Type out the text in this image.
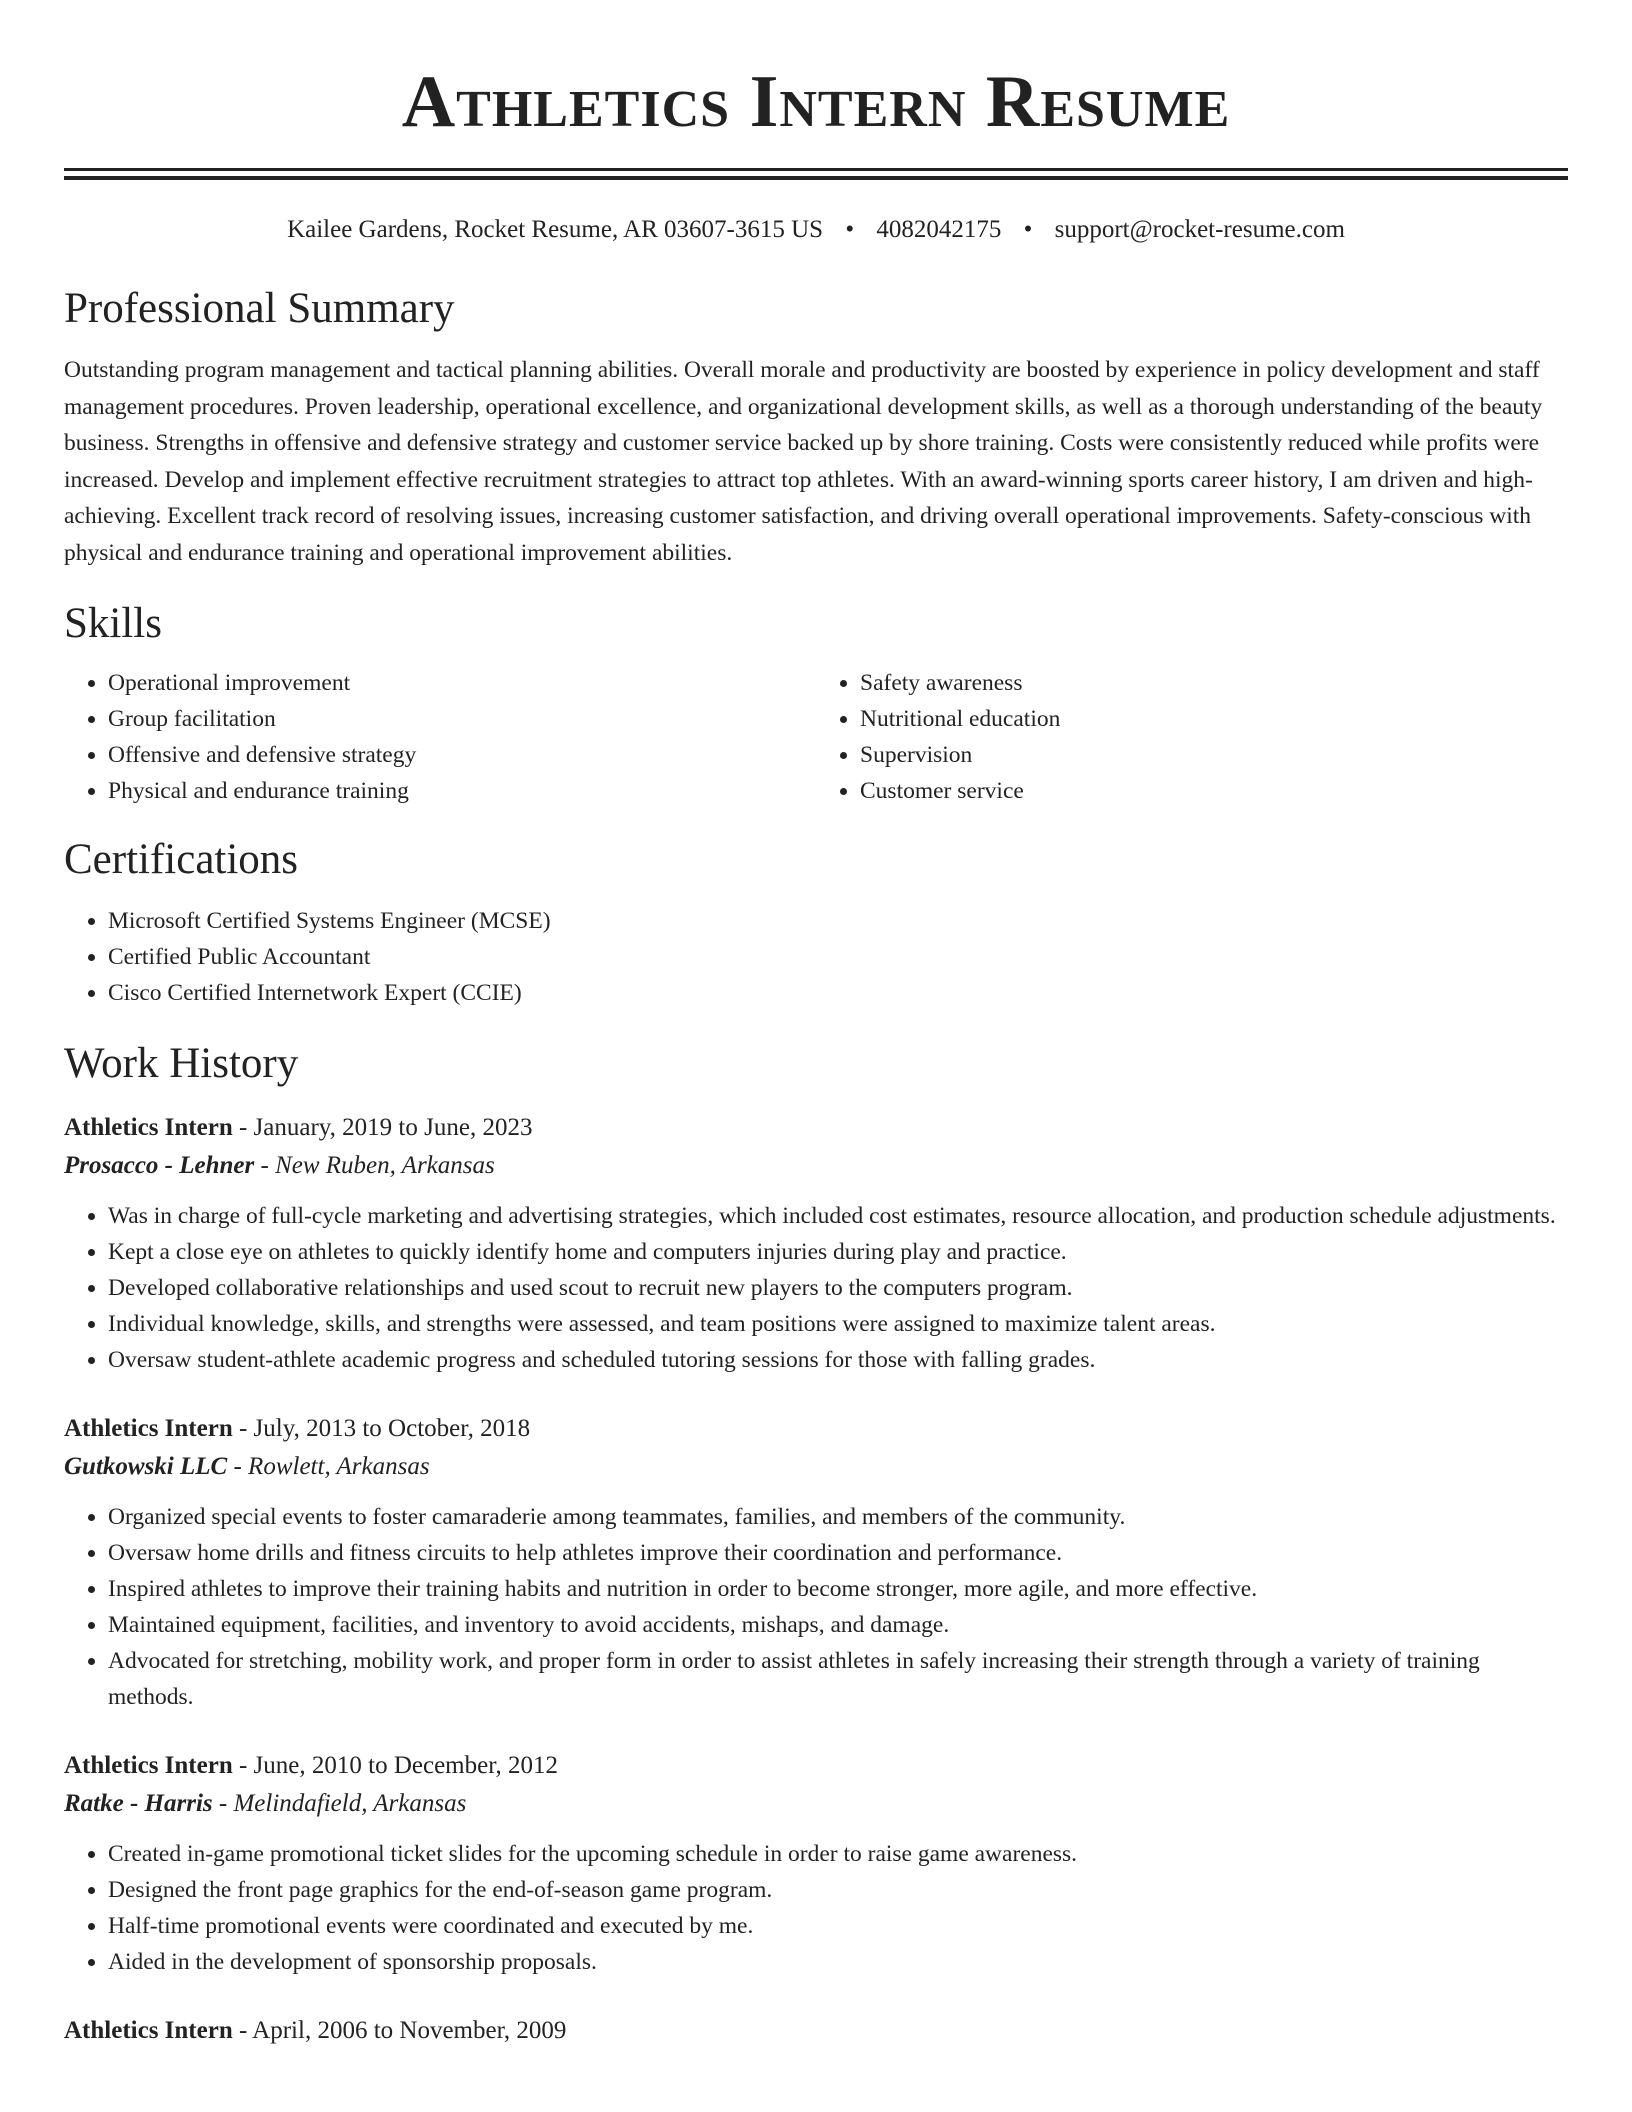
Athletics Intern Resume
Kailee Gardens, Rocket Resume, AR 03607-3615 US • 4082042175 • support@rocket-resume.com
Professional Summary

Outstanding program management and tactical planning abilities. Overall morale and productivity are boosted by experience in policy development and staff management procedures. Proven leadership, operational excellence, and organizational development skills, as well as a thorough understanding of the beauty business. Strengths in offensive and defensive strategy and customer service backed up by shore training. Costs were consistently reduced while profits were increased. Develop and implement effective recruitment strategies to attract top athletes. With an award-winning sports career history, I am driven and high-achieving. Excellent track record of resolving issues, increasing customer satisfaction, and driving overall operational improvements. Safety-conscious with physical and endurance training and operational improvement abilities.

Skills
• Operational improvement
• Group facilitation
• Offensive and defensive strategy
• Physical and endurance training
• Safety awareness
• Nutritional education
• Supervision
• Customer service
Certifications
• Microsoft Certified Systems Engineer (MCSE)
• Certified Public Accountant
• Cisco Certified Internetwork Expert (CCIE)
Work History
Athletics Intern - January, 2019 to June, 2023
Prosacco - Lehner - New Ruben, Arkansas
• Was in charge of full-cycle marketing and advertising strategies, which included cost estimates, resource allocation, and production schedule adjustments.
• Kept a close eye on athletes to quickly identify home and computers injuries during play and practice.
• Developed collaborative relationships and used scout to recruit new players to the computers program.
• Individual knowledge, skills, and strengths were assessed, and team positions were assigned to maximize talent areas.
• Oversaw student-athlete academic progress and scheduled tutoring sessions for those with falling grades.
Athletics Intern - July, 2013 to October, 2018
Gutkowski LLC - Rowlett, Arkansas
• Organized special events to foster camaraderie among teammates, families, and members of the community.
• Oversaw home drills and fitness circuits to help athletes improve their coordination and performance.
• Inspired athletes to improve their training habits and nutrition in order to become stronger, more agile, and more effective.
• Maintained equipment, facilities, and inventory to avoid accidents, mishaps, and damage.
• Advocated for stretching, mobility work, and proper form in order to assist athletes in safely increasing their strength through a variety of training methods.
Athletics Intern - June, 2010 to December, 2012
Ratke - Harris - Melindafield, Arkansas
• Created in-game promotional ticket slides for the upcoming schedule in order to raise game awareness.
• Designed the front page graphics for the end-of-season game program.
• Half-time promotional events were coordinated and executed by me.
• Aided in the development of sponsorship proposals.
Athletics Intern - April, 2006 to November, 2009
